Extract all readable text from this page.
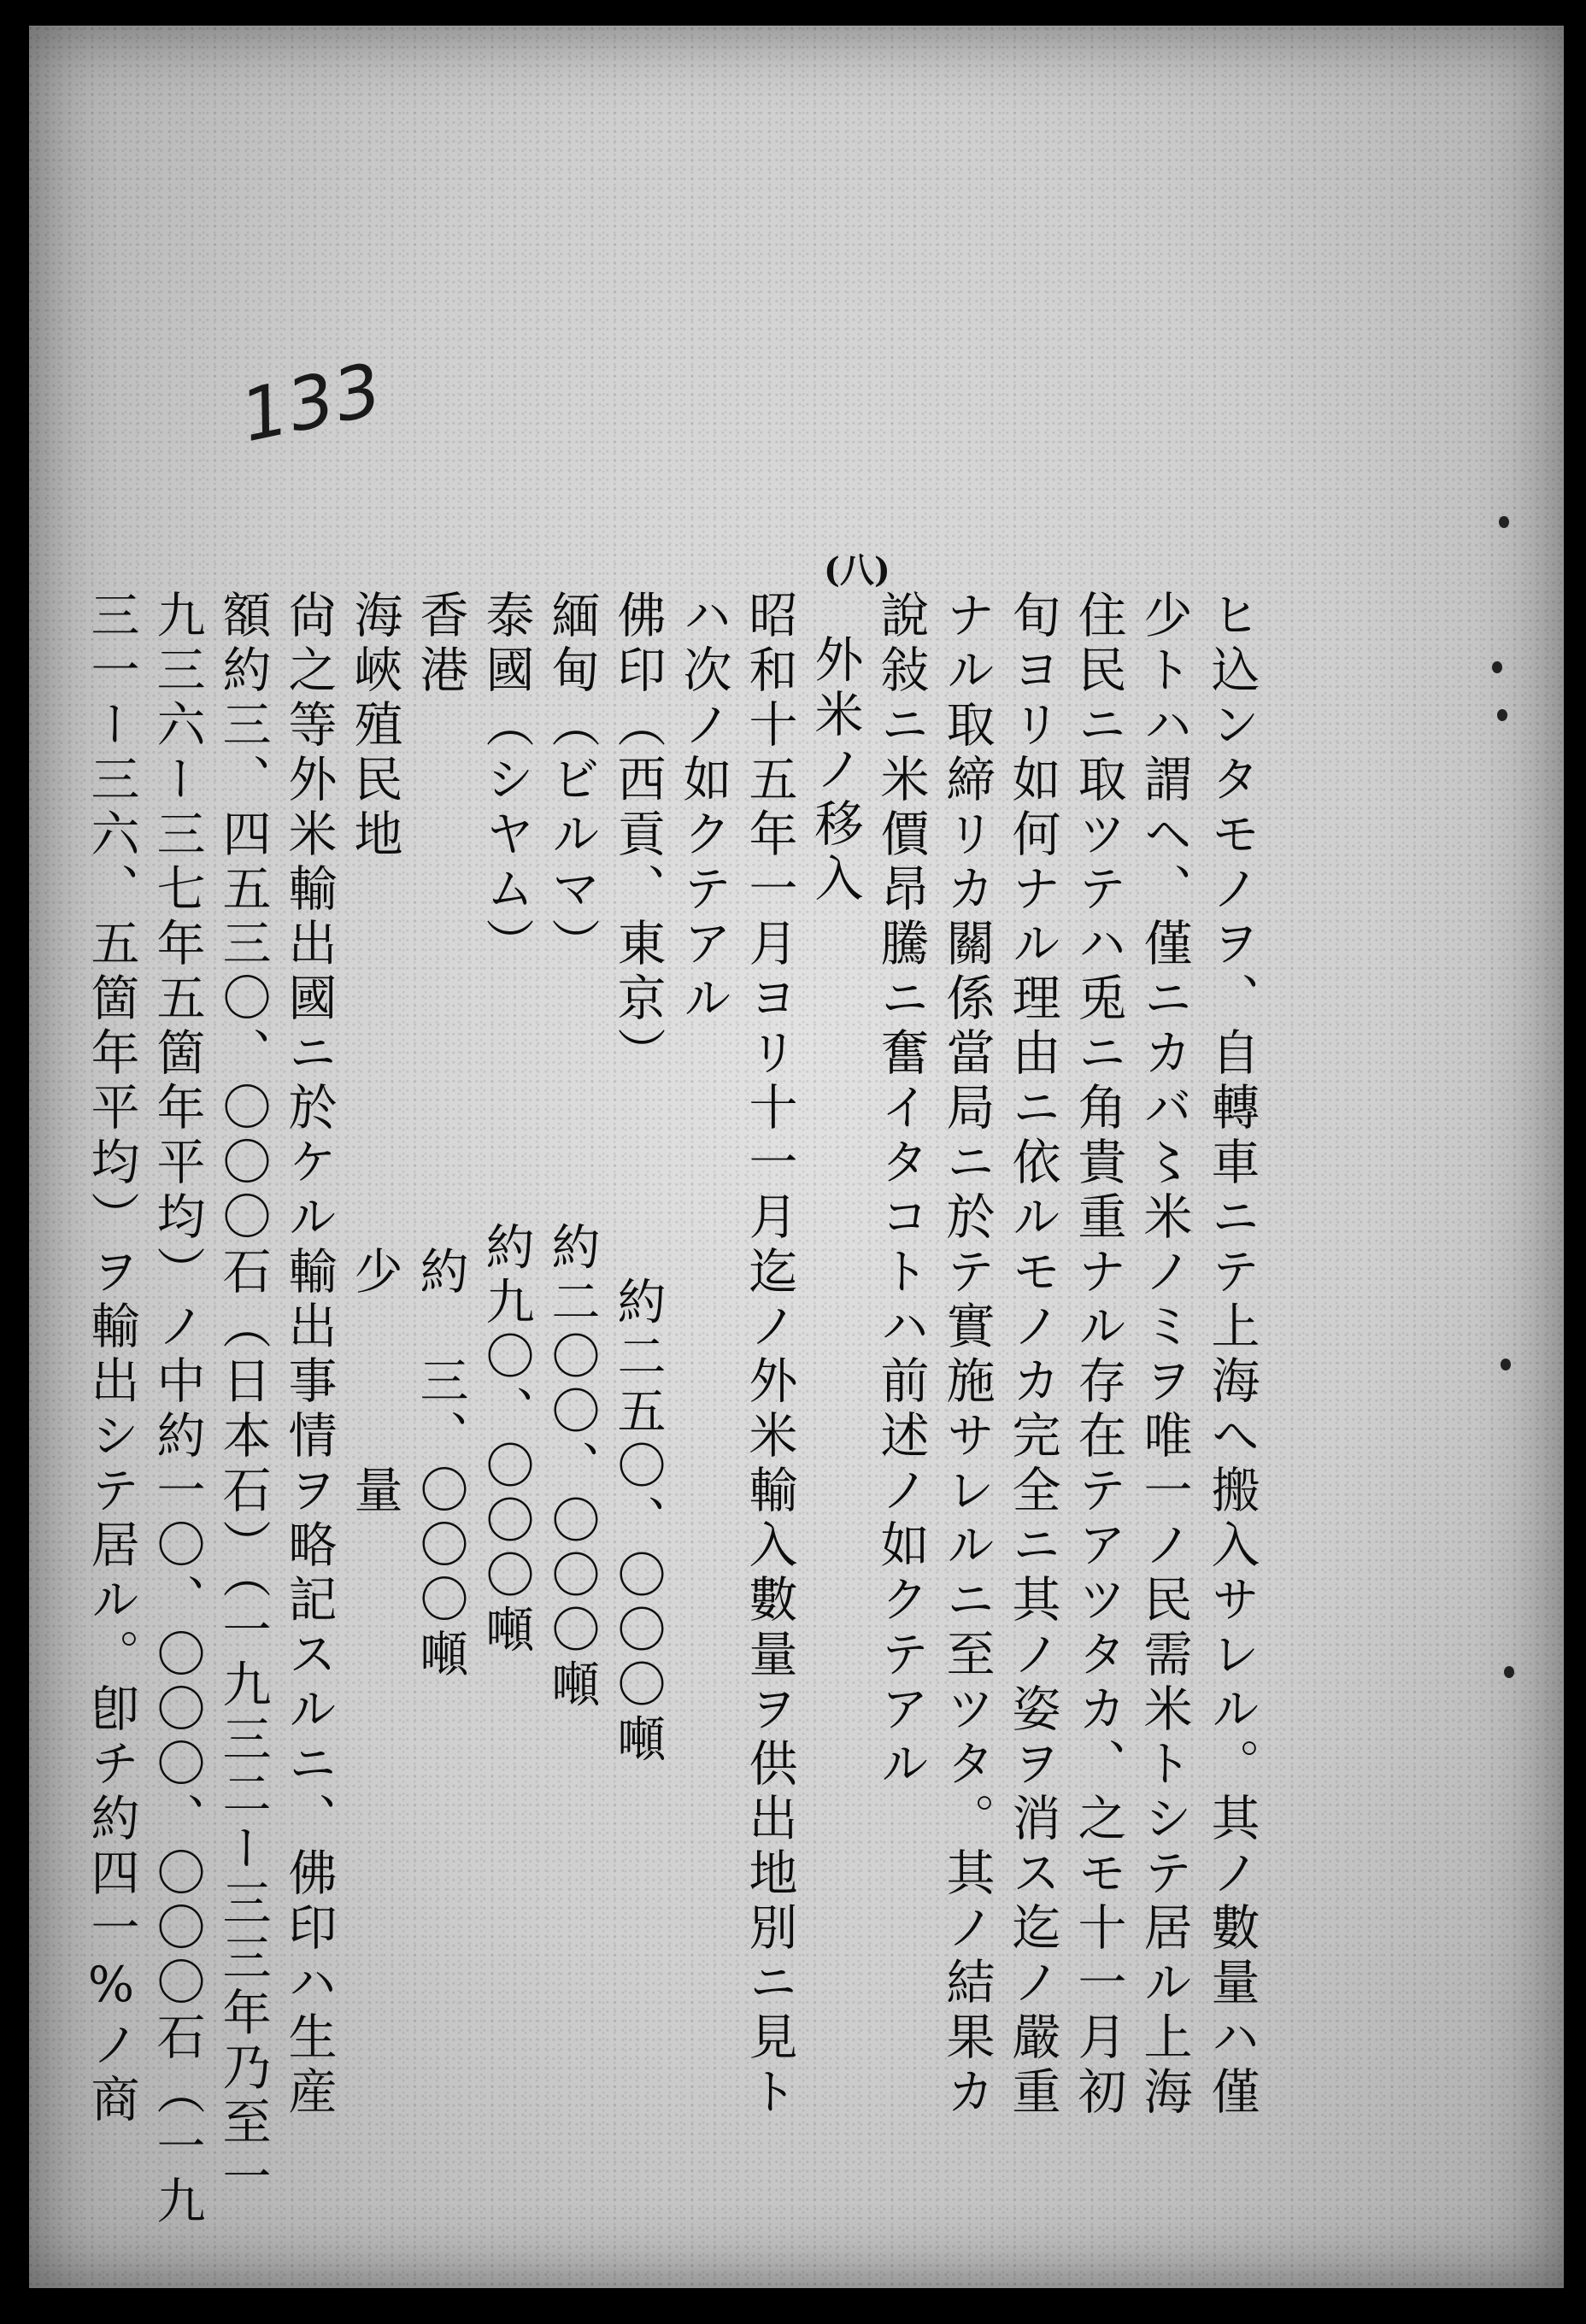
133
(八)
ヒ込ンタモノヲ、自轉車ニテ上海へ搬入サレル。其ノ數量ハ僅
少トハ謂ヘ、僅ニカバ〻米ノミヲ唯一ノ民需米トシテ居ル上海
住民ニ取ツテハ兎ニ角貴重ナル存在テアツタカ、之モ十一月初
旬ヨリ如何ナル理由ニ依ルモノカ完全ニ其ノ姿ヲ消ス迄ノ嚴重
ナル取締リカ關係當局ニ於テ實施サレルニ至ツタ。其ノ結果カ
說敍ニ米價昂騰ニ奮イタコトハ前述ノ如クテアル
外米ノ移入
昭和十五年一月ヨリ十一月迄ノ外米輸入數量ヲ供出地別ニ見ト
ハ次ノ如クテアル
佛印（西貢、東京）　　　　約二五〇、〇〇〇噸
緬甸（ビルマ）　　　　　約二〇〇、〇〇〇噸
泰國（シヤム）　　　　　約九〇、〇〇〇噸
香港　　　　　　　　　　約　三、〇〇〇噸
海峽殖民地　　　　　　　少　　　量
尙之等外米輸出國ニ於ケル輸出事情ヲ略記スルニ、佛印ハ生産
額約三、四五三〇、〇〇〇石（日本石）（一九三二ー三三年乃至一
九三六ー三七年五箇年平均）ノ中約一〇、〇〇〇、〇〇〇石（一九
三一ー三六、五箇年平均）ヲ輸出シテ居ル。卽チ約四一%ノ商
